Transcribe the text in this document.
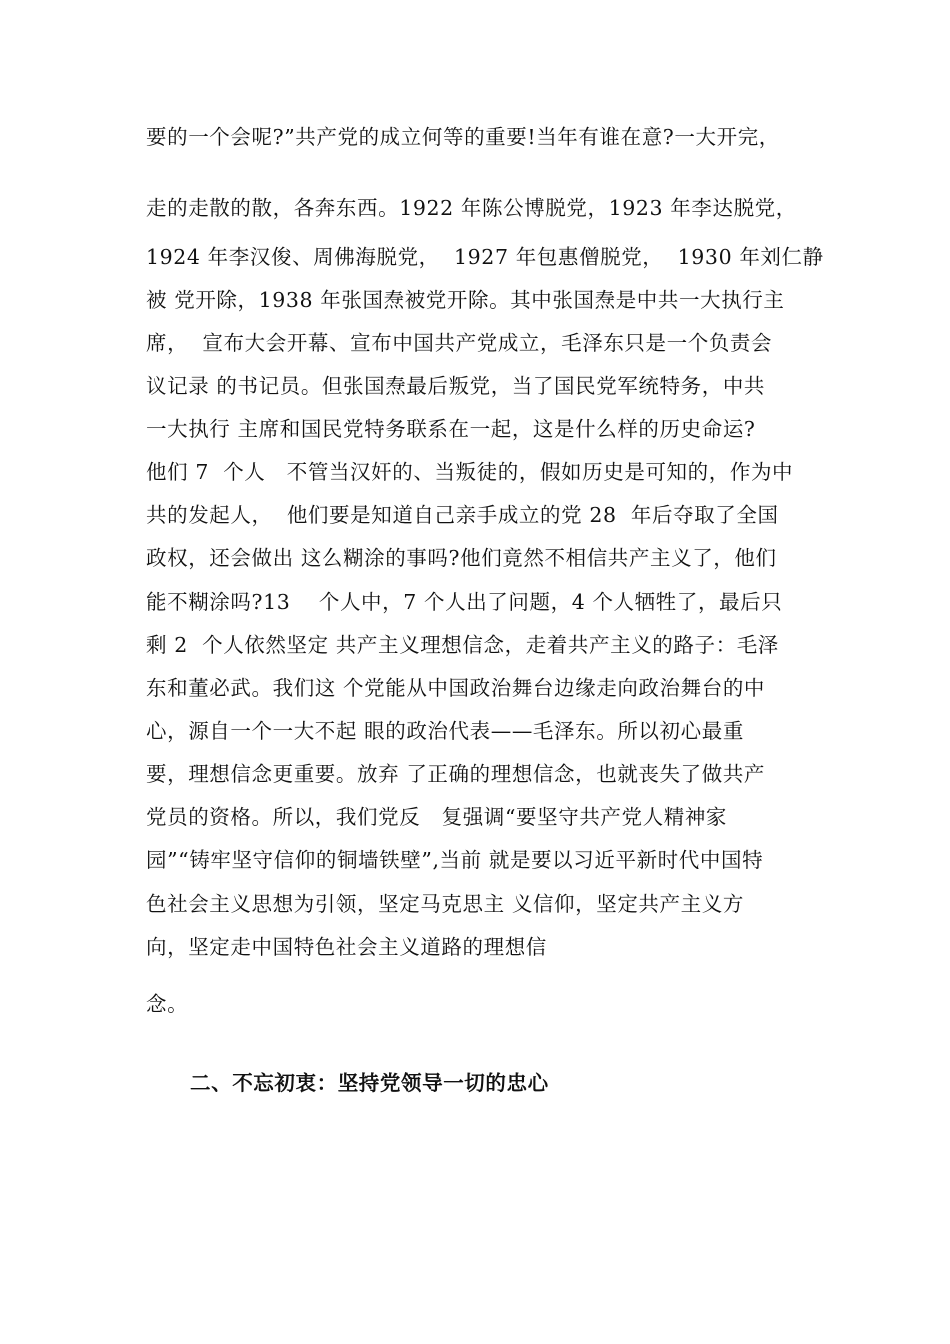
要的一个会呢?”共产党的成立何等的重要!当年有谁在意?一大开完，
走的走散的散，各奔东西。1922 年陈公博脱党，1923 年李达脱党，
1924 年李汉俊、周佛海脱党，  1927 年包惠僧脱党，  1930 年刘仁静
被 党开除，1938 年张国焘被党开除。其中张国焘是中共一大执行主
席，  宣布大会开幕、宣布中国共产党成立，毛泽东只是一个负责会
议记录 的书记员。但张国焘最后叛党，当了国民党军统特务，中共
一大执行 主席和国民党特务联系在一起，这是什么样的历史命运?
他们 7  个人   不管当汉奸的、当叛徒的，假如历史是可知的，作为中
共的发起人，  他们要是知道自己亲手成立的党 28  年后夺取了全国
政权，还会做出 这么糊涂的事吗?他们竟然不相信共产主义了，他们
能不糊涂吗?13    个人中，7 个人出了问题，4 个人牺牲了，最后只
剩 2  个人依然坚定 共产主义理想信念，走着共产主义的路子：毛泽
东和董必武。我们这 个党能从中国政治舞台边缘走向政治舞台的中
心，源自一个一大不起 眼的政治代表——毛泽东。所以初心最重
要，理想信念更重要。放弃 了正确的理想信念，也就丧失了做共产
党员的资格。所以，我们党反   复强调“要坚守共产党人精神家
园”“铸牢坚守信仰的铜墙铁壁”,当前 就是要以习近平新时代中国特
色社会主义思想为引领，坚定马克思主 义信仰，坚定共产主义方
向，坚定走中国特色社会主义道路的理想信
念。
二、不忘初衷：坚持党领导一切的忠心
